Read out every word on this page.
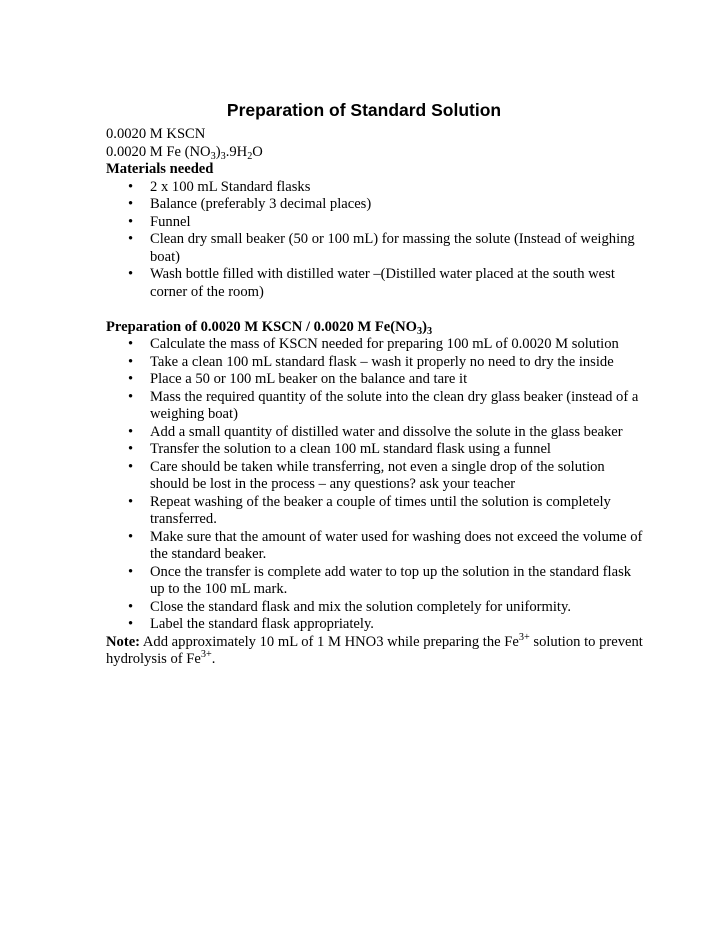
Preparation of Standard Solution
0.0020 M KSCN
0.0020 M Fe $(NO_3)_3.9H_2O$
Materials needed
• 2 x 100 mL Standard flasks
• Balance (preferably 3 decimal places)
• Funnel
• Clean dry small beaker (50 or 100 mL) for massing the solute (Instead of weighing boat)
• Wash bottle filled with distilled water –(Distilled water placed at the south west corner of the room)
Preparation of 0.0020 M KSCN / 0.0020 M $Fe(NO_3)_3$
• Calculate the mass of KSCN needed for preparing 100 mL of 0.0020 M solution
• Take a clean 100 mL standard flask – wash it properly no need to dry the inside
• Place a 50 or 100 mL beaker on the balance and tare it
• Mass the required quantity of the solute into the clean dry glass beaker (instead of a weighing boat)
• Add a small quantity of distilled water and dissolve the solute in the glass beaker
• Transfer the solution to a clean 100 mL standard flask using a funnel
• Care should be taken while transferring, not even a single drop of the solution should be lost in the process – any questions? ask your teacher
• Repeat washing of the beaker a couple of times until the solution is completely transferred.
• Make sure that the amount of water used for washing does not exceed the volume of the standard beaker.
• Once the transfer is complete add water to top up the solution in the standard flask up to the 100 mL mark.
• Close the standard flask and mix the solution completely for uniformity.
• Label the standard flask appropriately.
Note: Add approximately 10 mL of 1 M HNO3 while preparing the $Fe^{3+}$ solution to prevent hydrolysis of $Fe^{3+}$.
